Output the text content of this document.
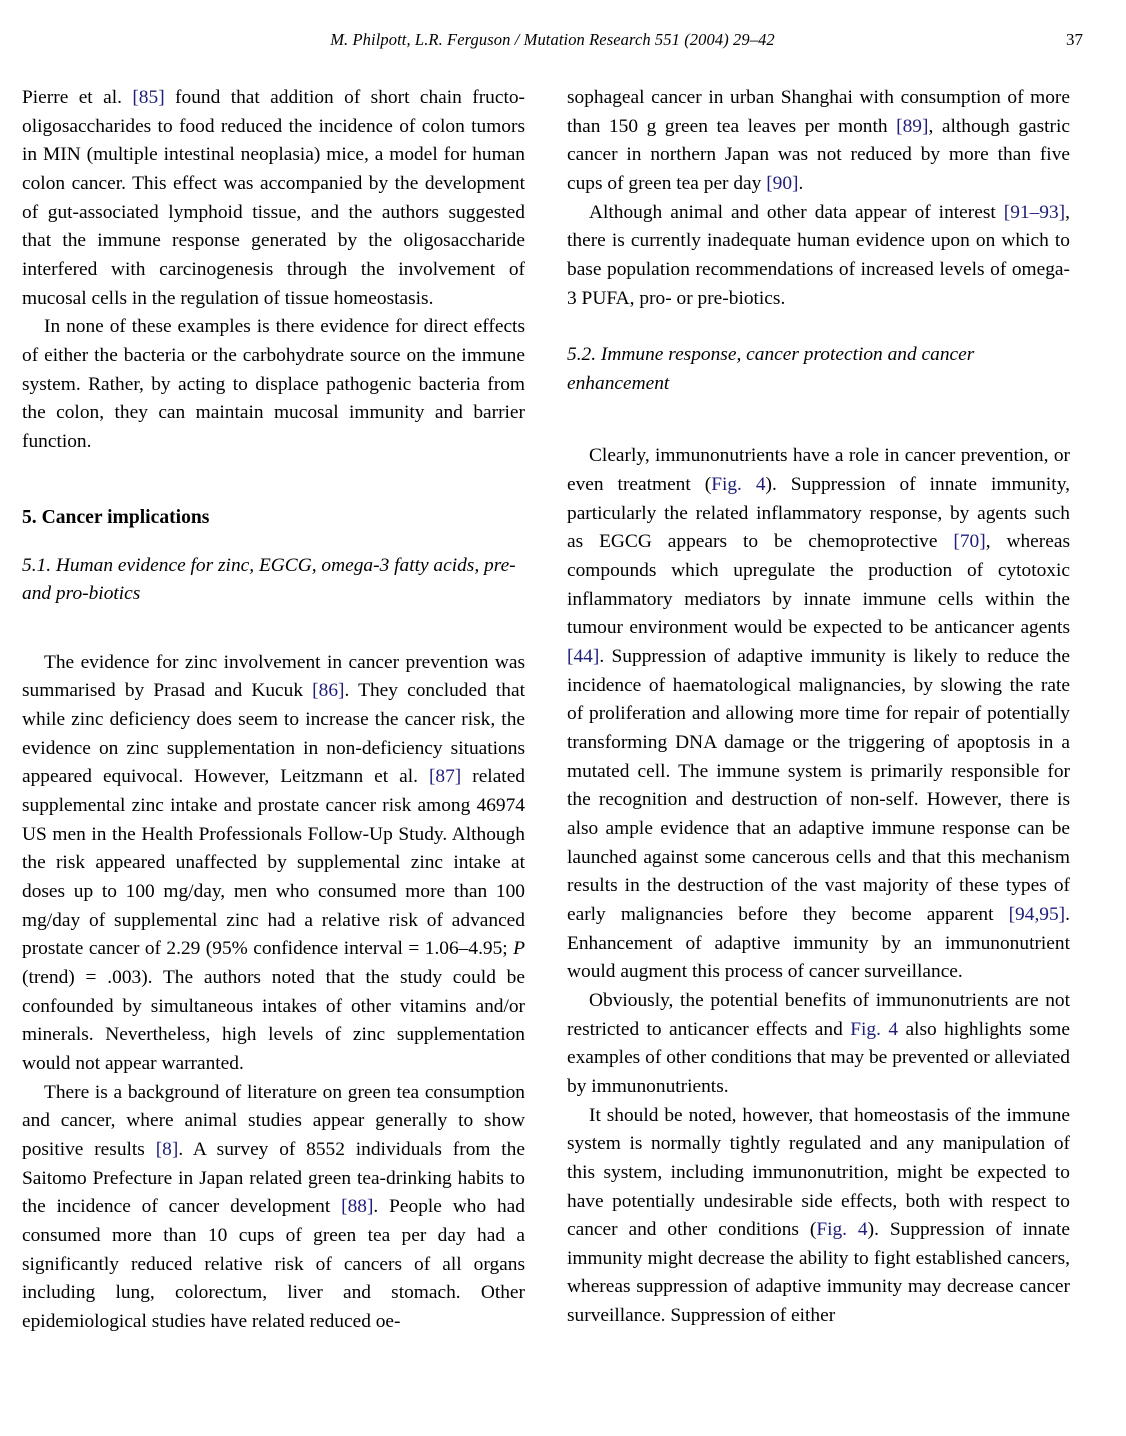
M. Philpott, L.R. Ferguson / Mutation Research 551 (2004) 29–42	37

Pierre et al. [85] found that addition of short chain fructo-oligosaccharides to food reduced the incidence of colon tumors in MIN (multiple intestinal neoplasia) mice, a model for human colon cancer. This effect was accompanied by the development of gut-associated lymphoid tissue, and the authors suggested that the immune response generated by the oligosaccharide interfered with carcinogenesis through the involvement of mucosal cells in the regulation of tissue homeostasis.

In none of these examples is there evidence for direct effects of either the bacteria or the carbohydrate source on the immune system. Rather, by acting to displace pathogenic bacteria from the colon, they can maintain mucosal immunity and barrier function.

5. Cancer implications
5.1. Human evidence for zinc, EGCG, omega-3 fatty acids, pre- and pro-biotics

The evidence for zinc involvement in cancer prevention was summarised by Prasad and Kucuk [86]. They concluded that while zinc deficiency does seem to increase the cancer risk, the evidence on zinc supplementation in non-deficiency situations appeared equivocal. However, Leitzmann et al. [87] related supplemental zinc intake and prostate cancer risk among 46974 US men in the Health Professionals Follow-Up Study. Although the risk appeared unaffected by supplemental zinc intake at doses up to 100 mg/day, men who consumed more than 100 mg/day of supplemental zinc had a relative risk of advanced prostate cancer of 2.29 (95% confidence interval = 1.06–4.95; P (trend) = .003). The authors noted that the study could be confounded by simultaneous intakes of other vitamins and/or minerals. Nevertheless, high levels of zinc supplementation would not appear warranted.

There is a background of literature on green tea consumption and cancer, where animal studies appear generally to show positive results [8]. A survey of 8552 individuals from the Saitomo Prefecture in Japan related green tea-drinking habits to the incidence of cancer development [88]. People who had consumed more than 10 cups of green tea per day had a significantly reduced relative risk of cancers of all organs including lung, colorectum, liver and stomach. Other epidemiological studies have related reduced oe-

sophageal cancer in urban Shanghai with consumption of more than 150 g green tea leaves per month [89], although gastric cancer in northern Japan was not reduced by more than five cups of green tea per day [90].

Although animal and other data appear of interest [91–93], there is currently inadequate human evidence upon on which to base population recommendations of increased levels of omega-3 PUFA, pro- or pre-biotics.

5.2. Immune response, cancer protection and cancer enhancement

Clearly, immunonutrients have a role in cancer prevention, or even treatment (Fig. 4). Suppression of innate immunity, particularly the related inflammatory response, by agents such as EGCG appears to be chemoprotective [70], whereas compounds which upregulate the production of cytotoxic inflammatory mediators by innate immune cells within the tumour environment would be expected to be anticancer agents [44]. Suppression of adaptive immunity is likely to reduce the incidence of haematological malignancies, by slowing the rate of proliferation and allowing more time for repair of potentially transforming DNA damage or the triggering of apoptosis in a mutated cell. The immune system is primarily responsible for the recognition and destruction of non-self. However, there is also ample evidence that an adaptive immune response can be launched against some cancerous cells and that this mechanism results in the destruction of the vast majority of these types of early malignancies before they become apparent [94,95]. Enhancement of adaptive immunity by an immunonutrient would augment this process of cancer surveillance.

Obviously, the potential benefits of immunonutrients are not restricted to anticancer effects and Fig. 4 also highlights some examples of other conditions that may be prevented or alleviated by immunonutrients.

It should be noted, however, that homeostasis of the immune system is normally tightly regulated and any manipulation of this system, including immunonutrition, might be expected to have potentially undesirable side effects, both with respect to cancer and other conditions (Fig. 4). Suppression of innate immunity might decrease the ability to fight established cancers, whereas suppression of adaptive immunity may decrease cancer surveillance. Suppression of either
